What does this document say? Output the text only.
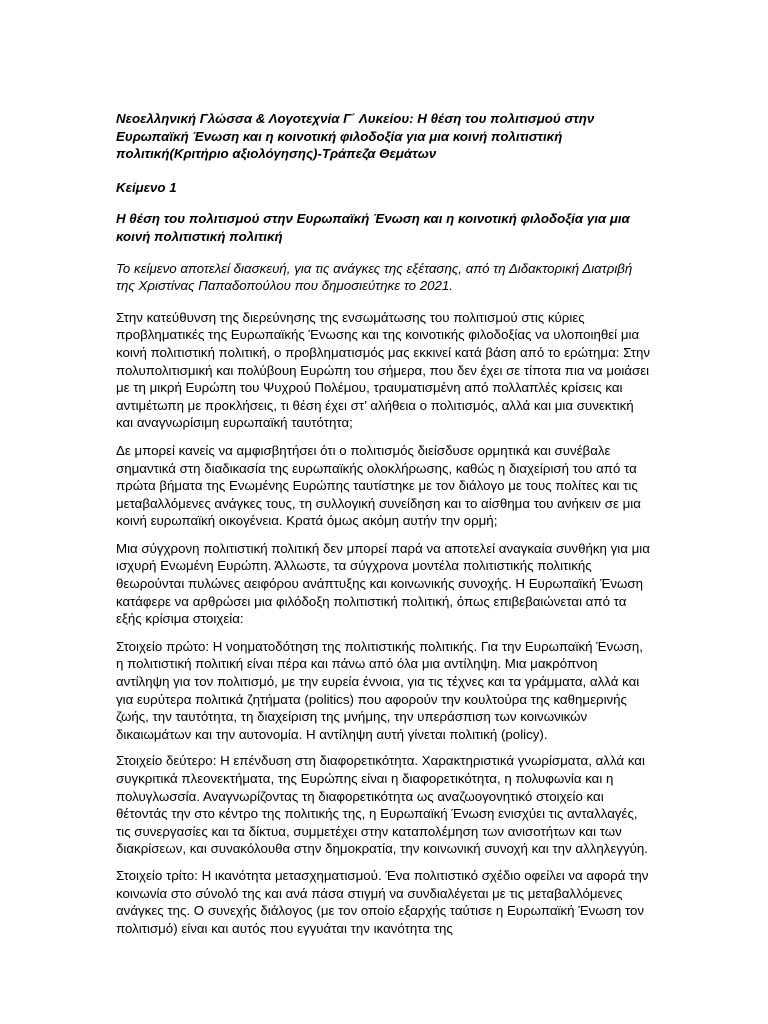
Νεοελληνική Γλώσσα & Λογοτεχνία Γ΄ Λυκείου: Η θέση του πολιτισμού στην Ευρωπαϊκή Ένωση και η κοινοτική φιλοδοξία για μια κοινή πολιτιστική πολιτική(Κριτήριο αξιολόγησης)-Τράπεζα Θεμάτων

Κείμενο 1

Η θέση του πολιτισμού στην Ευρωπαϊκή Ένωση και η κοινοτική φιλοδοξία για μια κοινή πολιτιστική πολιτική

Το κείμενο αποτελεί διασκευή, για τις ανάγκες της εξέτασης, από τη Διδακτορική Διατριβή της Χριστίνας Παπαδοπούλου που δημοσιεύτηκε το 2021.

Στην κατεύθυνση της διερεύνησης της ενσωμάτωσης του πολιτισμού στις κύριες προβληματικές της Ευρωπαϊκής Ένωσης και της κοινοτικής φιλοδοξίας να υλοποιηθεί μια κοινή πολιτιστική πολιτική, ο προβληματισμός μας εκκινεί κατά βάση από το ερώτημα: Στην πολυπολιτισμική και πολύβουη Ευρώπη του σήμερα, που δεν έχει σε τίποτα πια να μοιάσει με τη μικρή Ευρώπη του Ψυχρού Πολέμου, τραυματισμένη από πολλαπλές κρίσεις και αντιμέτωπη με προκλήσεις, τι θέση έχει στ’ αλήθεια ο πολιτισμός, αλλά και μια συνεκτική και αναγνωρίσιμη ευρωπαϊκή ταυτότητα;

Δε μπορεί κανείς να αμφισβητήσει ότι ο πολιτισμός διείσδυσε ορμητικά και συνέβαλε σημαντικά στη διαδικασία της ευρωπαϊκής ολοκλήρωσης, καθώς η διαχείρισή του από τα πρώτα βήματα της Ενωμένης Ευρώπης ταυτίστηκε με τον διάλογο με τους πολίτες και τις μεταβαλλόμενες ανάγκες τους, τη συλλογική συνείδηση και το αίσθημα του ανήκειν σε μια κοινή ευρωπαϊκή οικογένεια. Κρατά όμως ακόμη αυτήν την ορμή;

Μια σύγχρονη πολιτιστική πολιτική δεν μπορεί παρά να αποτελεί αναγκαία συνθήκη για μια ισχυρή Ενωμένη Ευρώπη. Άλλωστε, τα σύγχρονα μοντέλα πολιτιστικής πολιτικής θεωρούνται πυλώνες αειφόρου ανάπτυξης και κοινωνικής συνοχής. Η Ευρωπαϊκή Ένωση κατάφερε να αρθρώσει μια φιλόδοξη πολιτιστική πολιτική, όπως επιβεβαιώνεται από τα εξής κρίσιμα στοιχεία:

Στοιχείο πρώτο: Η νοηματοδότηση της πολιτιστικής πολιτικής. Για την Ευρωπαϊκή Ένωση, η πολιτιστική πολιτική είναι πέρα και πάνω από όλα μια αντίληψη. Μια μακρόπνοη αντίληψη για τον πολιτισμό, με την ευρεία έννοια, για τις τέχνες και τα γράμματα, αλλά και για ευρύτερα πολιτικά ζητήματα (politics) που αφορούν την κουλτούρα της καθημερινής ζωής, την ταυτότητα, τη διαχείριση της μνήμης, την υπεράσπιση των κοινωνικών δικαιωμάτων και την αυτονομία. Η αντίληψη αυτή γίνεται πολιτική (policy).

Στοιχείο δεύτερο: Η επένδυση στη διαφορετικότητα. Χαρακτηριστικά γνωρίσματα, αλλά και συγκριτικά πλεονεκτήματα, της Ευρώπης είναι η διαφορετικότητα, η πολυφωνία και η πολυγλωσσία. Αναγνωρίζοντας τη διαφορετικότητα ως αναζωογονητικό στοιχείο και θέτοντάς την στο κέντρο της πολιτικής της, η Ευρωπαϊκή Ένωση ενισχύει τις ανταλλαγές, τις συνεργασίες και τα δίκτυα, συμμετέχει στην καταπολέμηση των ανισοτήτων και των διακρίσεων, και συνακόλουθα στην δημοκρατία, την κοινωνική συνοχή και την αλληλεγγύη.

Στοιχείο τρίτο: Η ικανότητα μετασχηματισμού. Ένα πολιτιστικό σχέδιο οφείλει να αφορά την κοινωνία στο σύνολό της και ανά πάσα στιγμή να συνδιαλέγεται με τις μεταβαλλόμενες ανάγκες της. Ο συνεχής διάλογος (με τον οποίο εξαρχής ταύτισε η Ευρωπαϊκή Ένωση τον πολιτισμό) είναι και αυτός που εγγυάται την ικανότητα της
